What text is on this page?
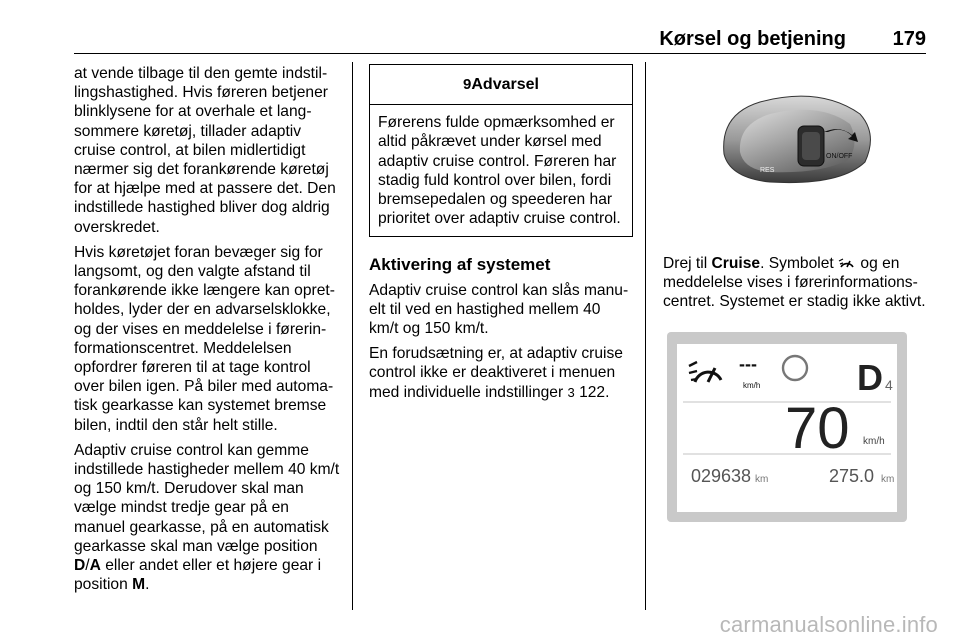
Kørsel og betjening 179

at vende tilbage til den gemte indstillingshastighed. Hvis føreren betjener blinklysene for at overhale et langsommere køretøj, tillader adaptiv cruise control, at bilen midlertidigt nærmer sig det forankørende køretøj for at hjælpe med at passere det. Den indstillede hastighed bliver dog aldrig overskredet.

Hvis køretøjet foran bevæger sig for langsomt, og den valgte afstand til forankørende ikke længere kan opretholdes, lyder der en advarselsklokke, og der vises en meddelelse i førerinformationscentret. Meddelelsen opfordrer føreren til at tage kontrol over bilen igen. På biler med automatisk gearkasse kan systemet bremse bilen, indtil den står helt stille.

Adaptiv cruise control kan gemme indstillede hastigheder mellem 40 km/t og 150 km/t. Derudover skal man vælge mindst tredje gear på en manuel gearkasse, på en automatisk gearkasse skal man vælge position D/A eller andet eller et højere gear i position M.

9Advarsel
Førerens fulde opmærksomhed er altid påkrævet under kørsel med adaptiv cruise control. Føreren har stadig fuld kontrol over bilen, fordi bremsepedalen og speederen har prioritet over adaptiv cruise control.
Aktivering af systemet

Adaptiv cruise control kan slås manuelt til ved en hastighed mellem 40 km/t og 150 km/t.

En forudsætning er, at adaptiv cruise control ikke er deaktiveret i menuen med individuelle indstillinger 3 122.

ON/OFF
RES

Drej til Cruise. Symbolet  og en meddelelse vises i førerinformationscentret. Systemet er stadig ikke aktivt.

---
km/h	D 4
70 km/h
029638 km	275.0 km
carmanualsonline.info
